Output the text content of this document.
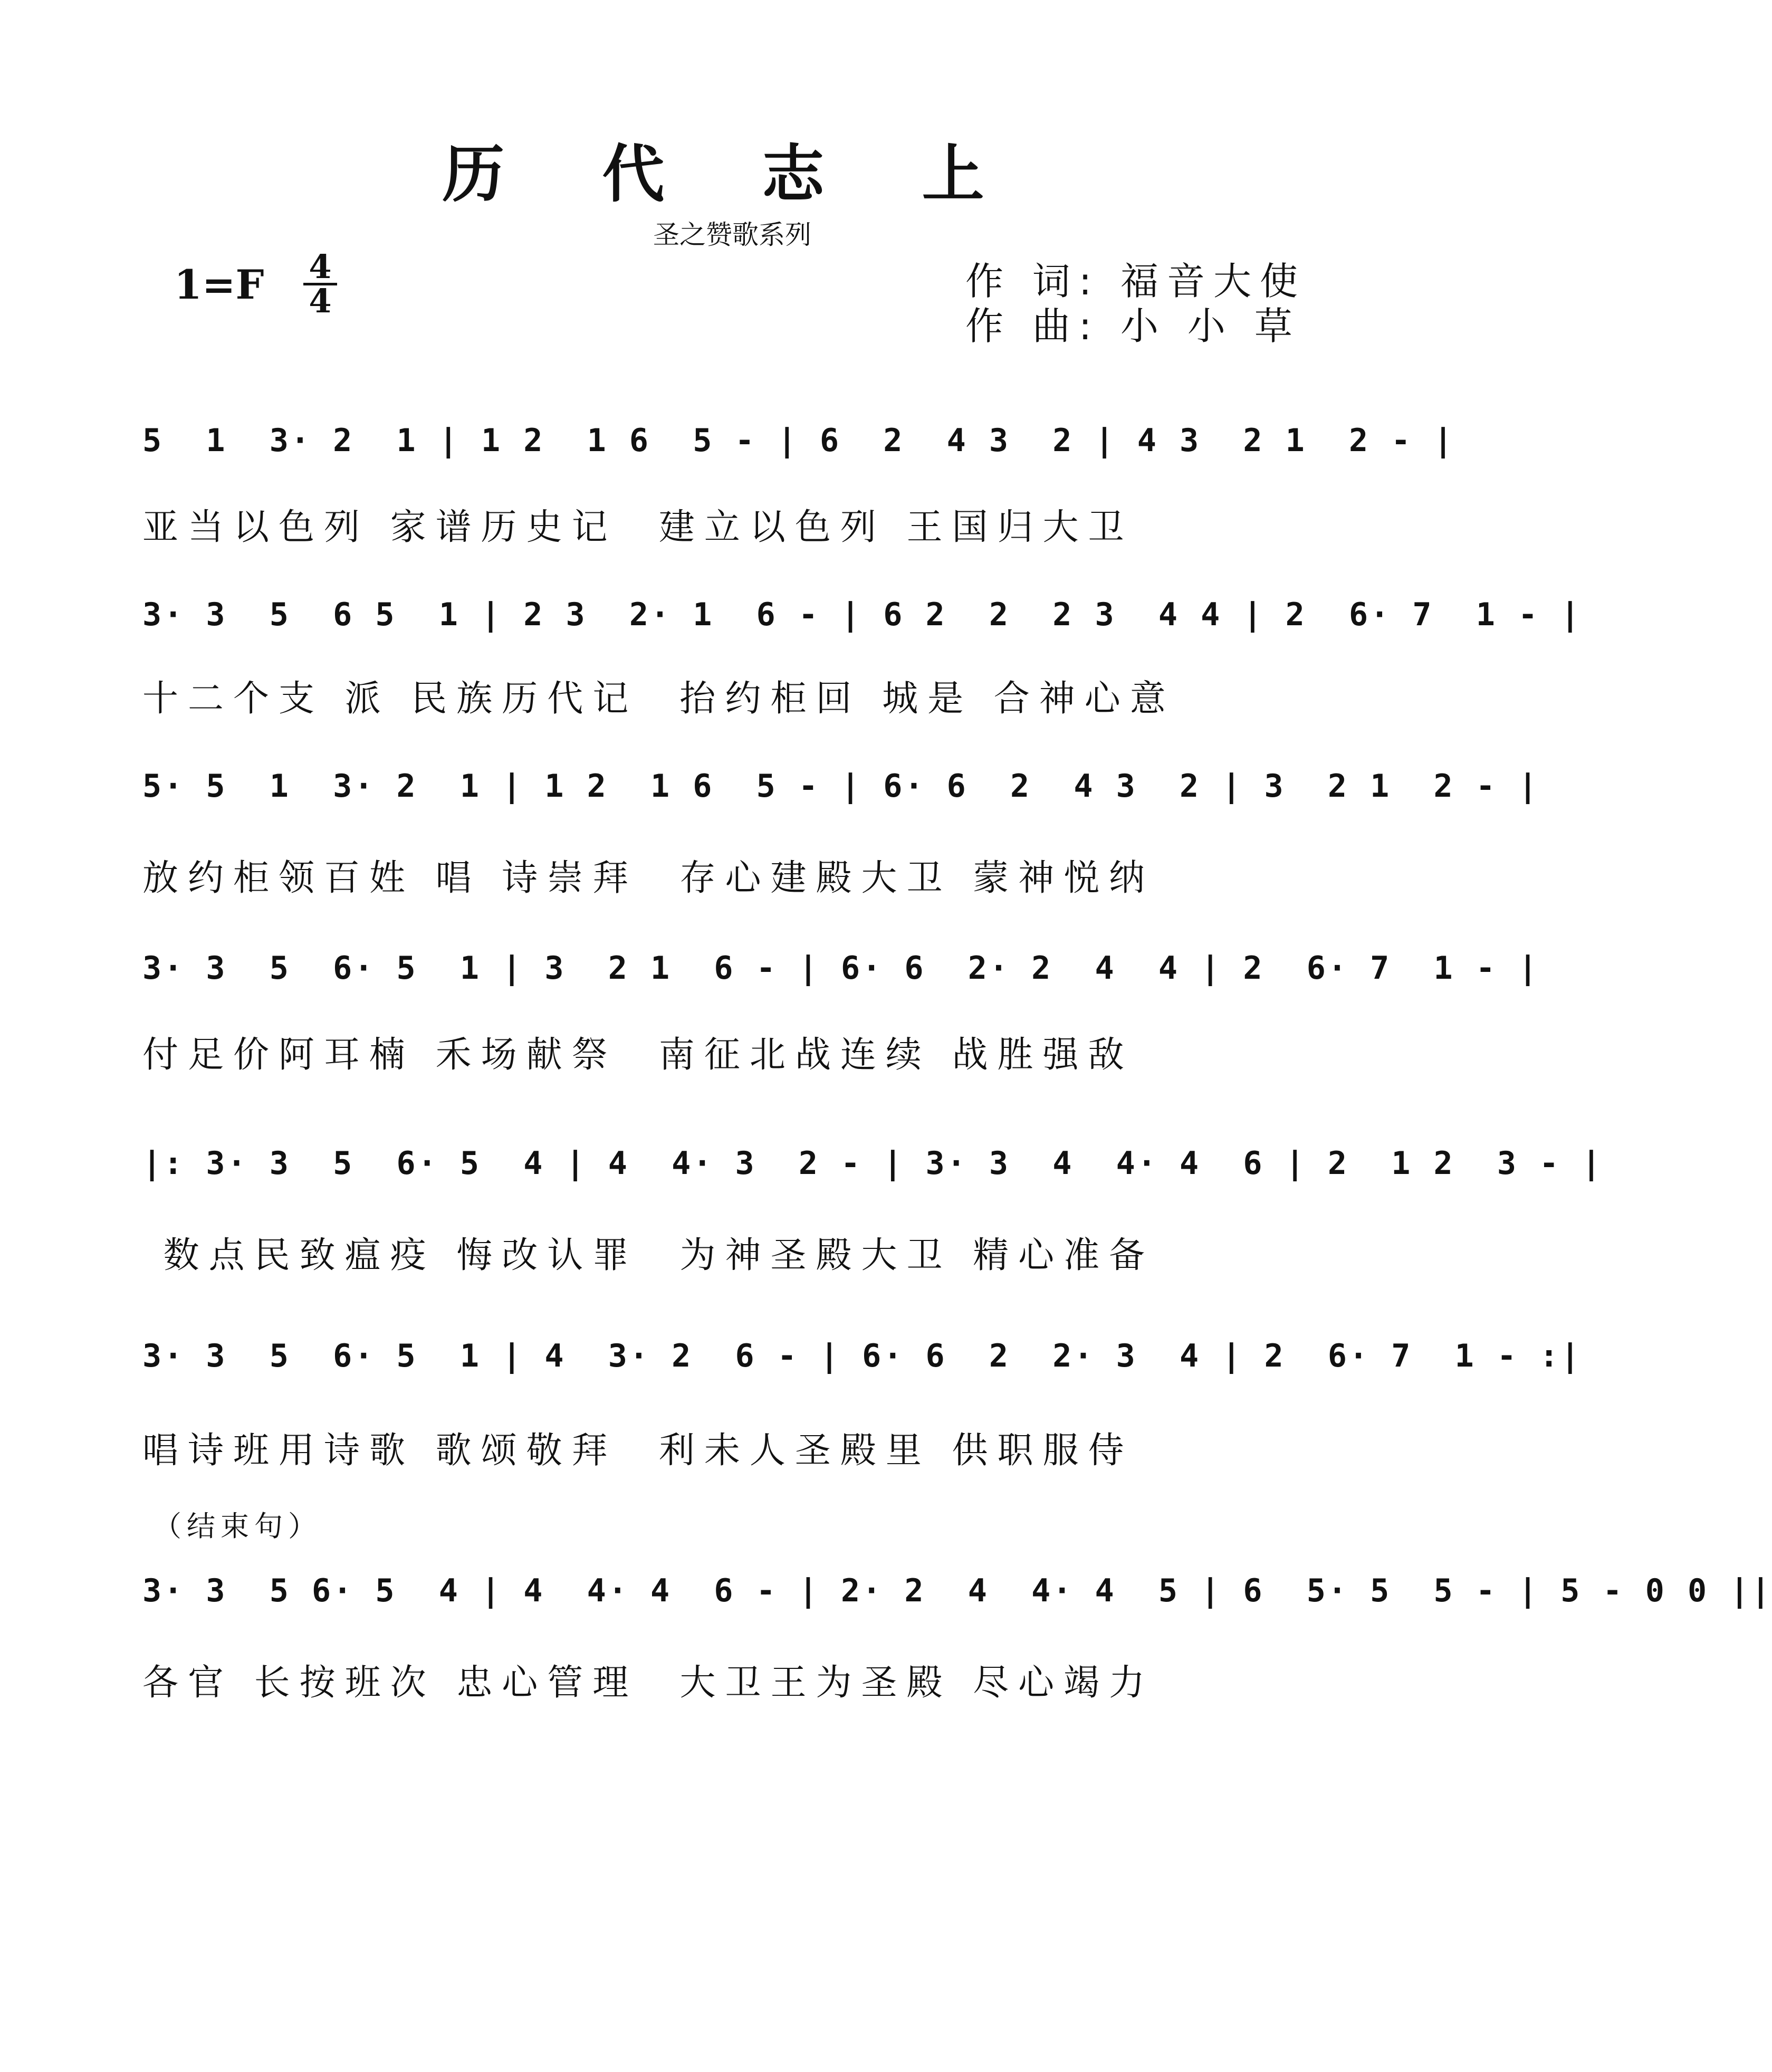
历 代 志 上
圣之赞歌系列
1=F 4
4	作 词: 福音大使
作 曲: 小 小 草
5  1  3· 2  1 | 1 2  1 6  5 - | 6  2  4 3  2 | 4 3  2 1  2 - |
亚当以色列 家谱历史记  建立以色列 王国归大卫
3· 3  5  6 5  1 | 2 3  2· 1  6 - | 6 2  2  2 3  4 4 | 2  6· 7  1 - |
十二个支 派 民族历代记  抬约柜回 城是 合神心意
5· 5  1  3· 2  1 | 1 2  1 6  5 - | 6· 6  2  4 3  2 | 3  2 1  2 - |
放约柜领百姓 唱 诗崇拜  存心建殿大卫 蒙神悦纳
3· 3  5  6· 5  1 | 3  2 1  6 - | 6· 6  2· 2  4  4 | 2  6· 7  1 - |
付足价阿耳楠 禾场献祭  南征北战连续 战胜强敌
|: 3· 3  5  6· 5  4 | 4  4· 3  2 - | 3· 3  4  4· 4  6 | 2  1 2  3 - |
数点民致瘟疫 悔改认罪  为神圣殿大卫 精心准备
3· 3  5  6· 5  1 | 4  3· 2  6 - | 6· 6  2  2· 3  4 | 2  6· 7  1 - :|
唱诗班用诗歌 歌颂敬拜  利未人圣殿里 供职服侍
（结束句）
3· 3  5 6· 5  4 | 4  4· 4  6 - | 2· 2  4  4· 4  5 | 6  5· 5  5 - | 5 - 0 0 ||
各官 长按班次 忠心管理  大卫王为圣殿 尽心竭力
